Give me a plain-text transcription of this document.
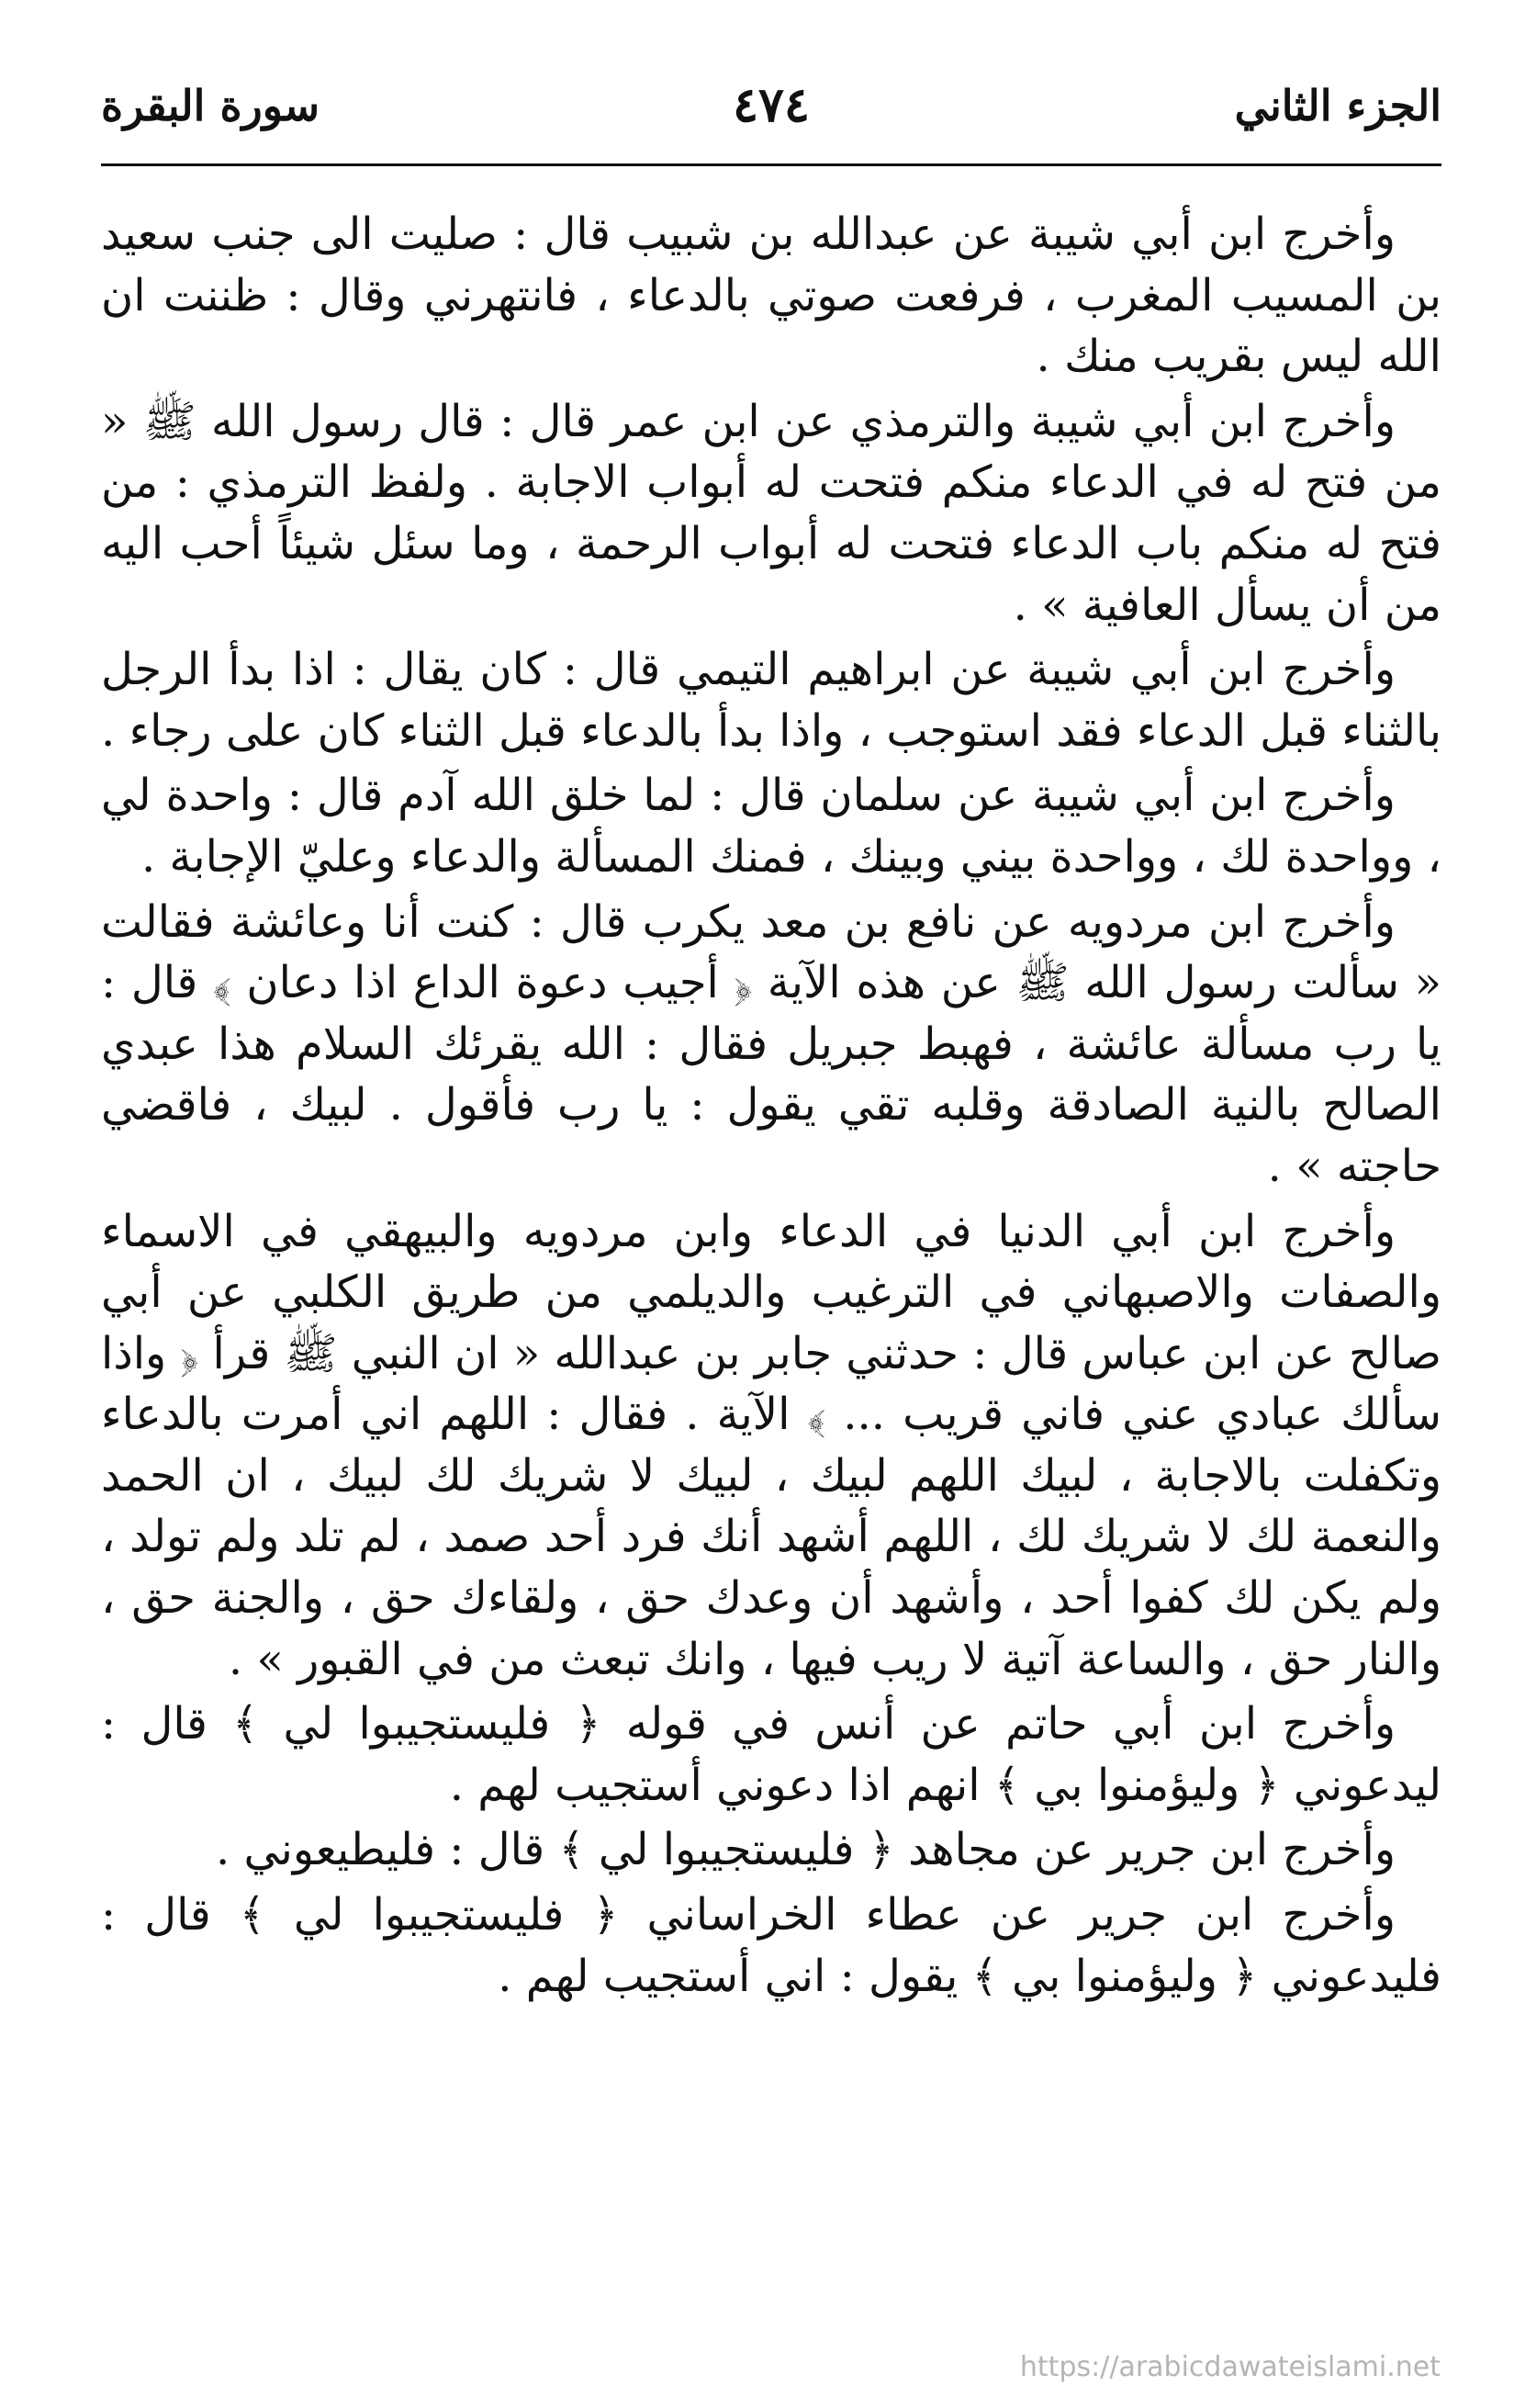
الجزء الثاني
٤٧٤
سورة البقرة

وأخرج ابن أبي شيبة عن عبدالله بن شبيب قال : صليت الى جنب سعيد بن المسيب المغرب ، فرفعت صوتي بالدعاء ، فانتهرني وقال : ظننت ان الله ليس بقريب منك .

وأخرج ابن أبي شيبة والترمذي عن ابن عمر قال : قال رسول الله ﷺ « من فتح له في الدعاء منكم فتحت له أبواب الاجابة . ولفظ الترمذي : من فتح له منكم باب الدعاء فتحت له أبواب الرحمة ، وما سئل شيئاً أحب اليه من أن يسأل العافية » .

وأخرج ابن أبي شيبة عن ابراهيم التيمي قال : كان يقال : اذا بدأ الرجل بالثناء قبل الدعاء فقد استوجب ، واذا بدأ بالدعاء قبل الثناء كان على رجاء .

وأخرج ابن أبي شيبة عن سلمان قال : لما خلق الله آدم قال : واحدة لي ، وواحدة لك ، وواحدة بيني وبينك ، فمنك المسألة والدعاء وعليّ الإجابة .

وأخرج ابن مردويه عن نافع بن معد يكرب قال : كنت أنا وعائشة فقالت « سألت رسول الله ﷺ عن هذه الآية ﴿ أجيب دعوة الداع اذا دعان ﴾ قال : يا رب مسألة عائشة ، فهبط جبريل فقال : الله يقرئك السلام هذا عبدي الصالح بالنية الصادقة وقلبه تقي يقول : يا رب فأقول . لبيك ، فاقضي حاجته » .

وأخرج ابن أبي الدنيا في الدعاء وابن مردويه والبيهقي في الاسماء والصفات والاصبهاني في الترغيب والديلمي من طريق الكلبي عن أبي صالح عن ابن عباس قال : حدثني جابر بن عبدالله « ان النبي ﷺ قرأ ﴿ واذا سألك عبادي عني فاني قريب ... ﴾ الآية . فقال : اللهم اني أمرت بالدعاء وتكفلت بالاجابة ، لبيك اللهم لبيك ، لبيك لا شريك لك لبيك ، ان الحمد والنعمة لك لا شريك لك ، اللهم أشهد أنك فرد أحد صمد ، لم تلد ولم تولد ، ولم يكن لك كفوا أحد ، وأشهد أن وعدك حق ، ولقاءك حق ، والجنة حق ، والنار حق ، والساعة آتية لا ريب فيها ، وانك تبعث من في القبور » .

وأخرج ابن أبي حاتم عن أنس في قوله ﴿ فليستجيبوا لي ﴾ قال : ليدعوني ﴿ وليؤمنوا بي ﴾ انهم اذا دعوني أستجيب لهم .

وأخرج ابن جرير عن مجاهد ﴿ فليستجيبوا لي ﴾ قال : فليطيعوني .

وأخرج ابن جرير عن عطاء الخراساني ﴿ فليستجيبوا لي ﴾ قال : فليدعوني ﴿ وليؤمنوا بي ﴾ يقول : اني أستجيب لهم .

https://arabicdawateislami.net
